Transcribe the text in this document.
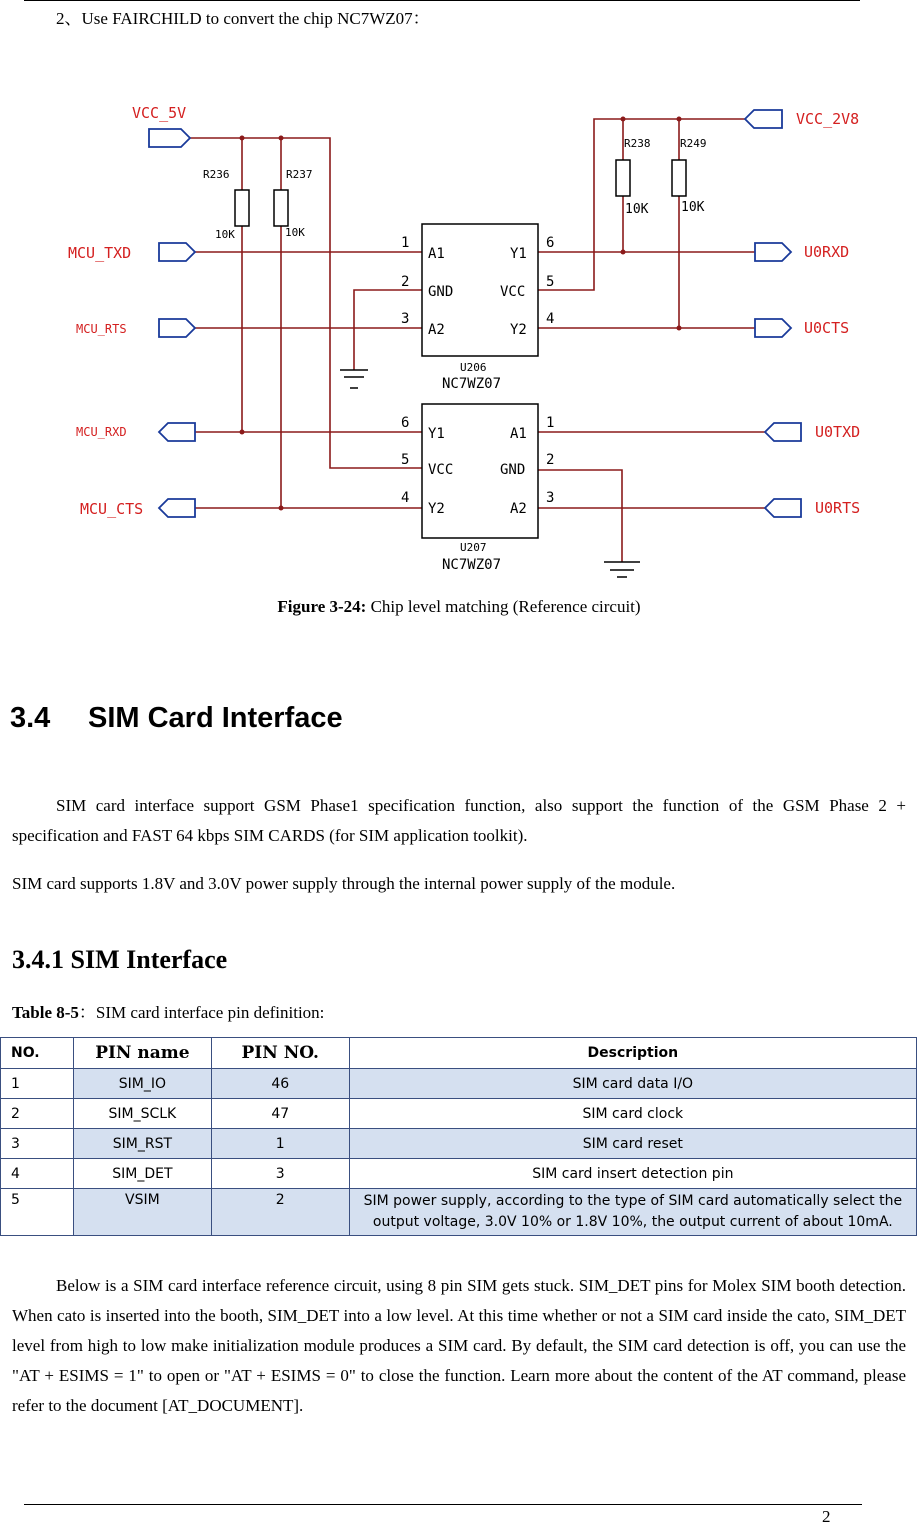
2、Use FAIRCHILD to convert the chip NC7WZ07：
VCC_5V
MCU_TXD
MCU_RTS
MCU_RXD
MCU_CTS
VCC_2V8
U0RXD
U0CTS
U0TXD
U0RTS
R236	R237
10K	10K
R238	R249
10K	10K
U206
NC7WZ07
U207
NC7WZ07
A1
GND
A2
Y1
VCC
Y2
1
2
3
6
5
4
Y1
VCC
Y2
A1
GND
A2
6
5
4
1
2
3
Figure 3-24: Chip level matching (Reference circuit)
3.4 SIM Card Interface
SIM card interface support GSM Phase1 specification function, also support the function of the GSM Phase 2 + specification and FAST 64 kbps SIM CARDS (for SIM application toolkit).
SIM card supports 1.8V and 3.0V power supply through the internal power supply of the module.
3.4.1 SIM Interface
Table 8-5：SIM card interface pin definition:
NO.	PIN name	PIN NO.	Description
1	SIM_IO	46	SIM card data I/O
2	SIM_SCLK	47	SIM card clock
3	SIM_RST	1	SIM card reset
4	SIM_DET	3	SIM card insert detection pin
5	VSIM	2	SIM power supply, according to the type of SIM card automatically select the output voltage, 3.0V 10% or 1.8V 10%, the output current of about 10mA.
Below is a SIM card interface reference circuit, using 8 pin SIM gets stuck. SIM_DET pins for Molex SIM booth detection. When cato is inserted into the booth, SIM_DET into a low level. At this time whether or not a SIM card inside the cato, SIM_DET level from high to low make initialization module produces a SIM card. By default, the SIM card detection is off, you can use the "AT + ESIMS = 1" to open or "AT + ESIMS = 0" to close the function. Learn more about the content of the AT command, please refer to the document [AT_DOCUMENT].
2
